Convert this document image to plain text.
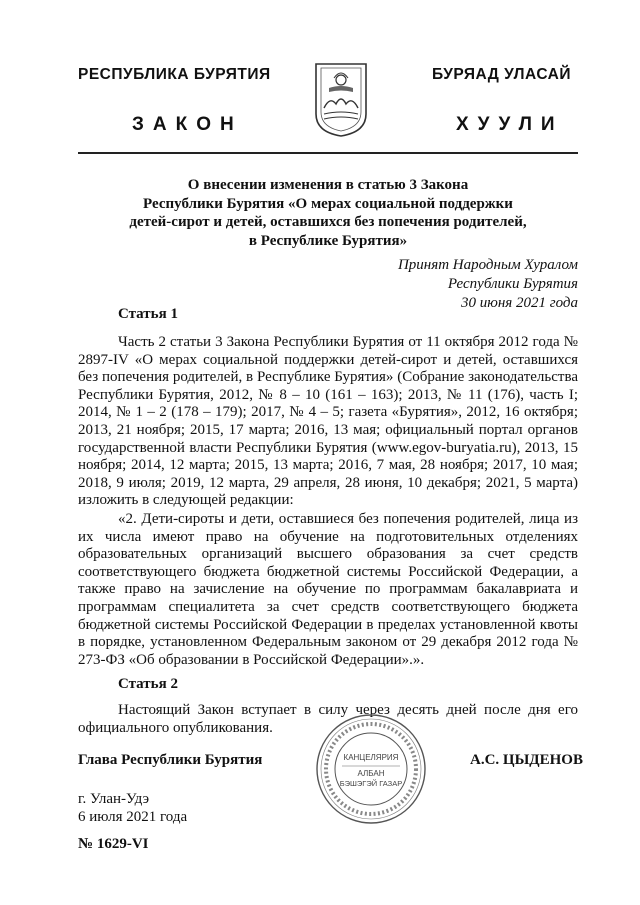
РЕСПУБЛИКА БУРЯТИЯ	БУРЯАД УЛАСАЙ
ЗАКОН	ХУУЛИ
О внесении изменения в статью 3 Закона
Республики Бурятия «О мерах социальной поддержки
детей-сирот и детей, оставшихся без попечения родителей,
в Республике Бурятия»
Принят Народным Хуралом
Республики Бурятия
30 июня 2021 года
Статья 1

Часть 2 статьи 3 Закона Республики Бурятия от 11 октября 2012 года № 2897-IV «О мерах социальной поддержки детей-сирот и детей, оставшихся без попечения родителей, в Республике Бурятия» (Собрание законодательства Республики Бурятия, 2012, № 8 – 10 (161 – 163); 2013, № 11 (176), часть I; 2014, № 1 – 2 (178 – 179); 2017, № 4 – 5; газета «Бурятия», 2012, 16 октября; 2013, 21 ноября; 2015, 17 марта; 2016, 13 мая; официальный портал органов государственной власти Республики Бурятия (www.egov-buryatia.ru), 2013, 15 ноября; 2014, 12 марта; 2015, 13 марта; 2016, 7 мая, 28 ноября; 2017, 10 мая; 2018, 9 июля; 2019, 12 марта, 29 апреля, 28 июня, 10 декабря; 2021, 5 марта) изложить в следующей редакции:

«2. Дети-сироты и дети, оставшиеся без попечения родителей, лица из их числа имеют право на обучение на подготовительных отделениях образовательных организаций высшего образования за счет средств соответствующего бюджета бюджетной системы Российской Федерации, а также право на зачисление на обучение по программам бакалавриата и программам специалитета за счет средств соответствующего бюджета бюджетной системы Российской Федерации в пределах установленной квоты в порядке, установленном Федеральным законом от 29 декабря 2012 года № 273-ФЗ «Об образовании в Российской Федерации».».

Статья 2

Настоящий Закон вступает в силу через десять дней после дня его официального опубликования.

Глава Республики Бурятия	КАНЦЕЛЯРИЯ
АЛБАН
БЭШЭГЭЙ ГАЗАР
А.С. ЦЫДЕНОВ
г. Улан-Удэ
6 июля 2021 года
№ 1629-VI
